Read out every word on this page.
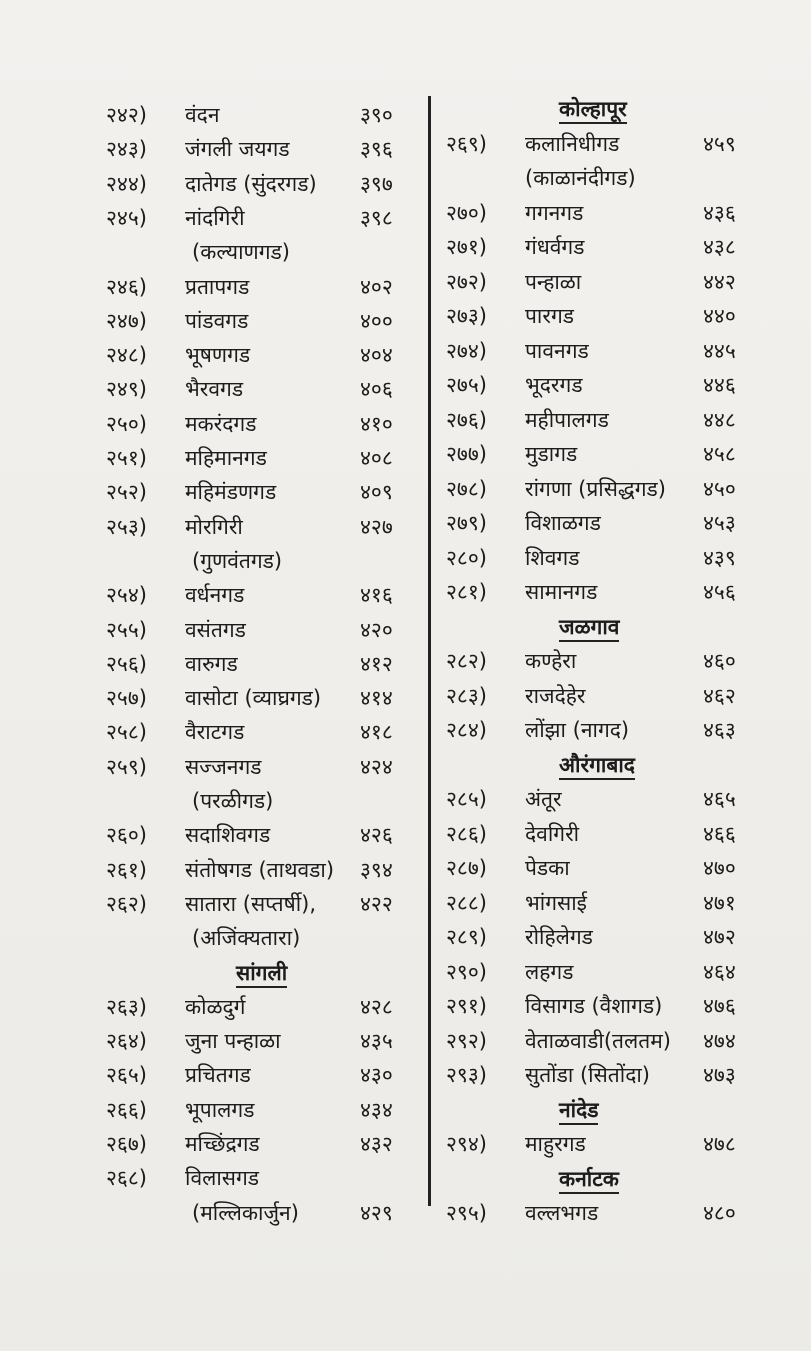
२४२) वंदन	३९०
२४३) जंगली जयगड	३९६
२४४) दातेगड (सुंदरगड) ३९७
२४५) नांदगिरी	३९८
(कल्याणगड)
२४६) प्रतापगड	४०२
२४७) पांडवगड	४००
२४८) भूषणगड	४०४
२४९) भैरवगड	४०६
२५०) मकरंदगड	४१०
२५१) महिमानगड	४०८
२५२) महिमंडणगड	४०९
२५३) मोरगिरी	४२७
(गुणवंतगड)
२५४) वर्धनगड	४१६
२५५) वसंतगड	४२०
२५६) वारुगड	४१२
२५७) वासोटा (व्याघ्रगड) ४१४
२५८) वैराटगड	४१८
२५९) सज्जनगड	४२४
(परळीगड)
२६०) सदाशिवगड	४२६
२६१) संतोषगड (ताथवडा) ३९४
२६२) सातारा (सप्तर्षी), ४२२
(अजिंक्यतारा)
सांगली
२६३) कोळदुर्ग	४२८
२६४) जुना पन्हाळा	४३५
२६५) प्रचितगड	४३०
२६६) भूपालगड	४३४
२६७) मच्छिंद्रगड	४३२
२६८) विलासगड
(मल्लिकार्जुन)	४२९
कोल्हापूर
२६९) कलानिधीगड	४५९
(काळानंदीगड)
२७०) गगनगड	४३६
२७१) गंधर्वगड	४३८
२७२) पन्हाळा	४४२
२७३) पारगड	४४०
२७४) पावनगड	४४५
२७५) भूदरगड	४४६
२७६) महीपालगड	४४८
२७७) मुडागड	४५८
२७८) रांगणा (प्रसिद्धगड) ४५०
२७९) विशाळगड	४५३
२८०) शिवगड	४३९
२८१) सामानगड	४५६
जळगाव
२८२) कण्हेरा	४६०
२८३) राजदेहेर	४६२
२८४) लोंझा (नागद)	४६३
औरंगाबाद
२८५) अंतूर	४६५
२८६) देवगिरी	४६६
२८७) पेडका	४७०
२८८) भांगसाई	४७१
२८९) रोहिलेगड	४७२
२९०) लहगड	४६४
२९१) विसागड (वैशागड) ४७६
२९२) वेताळवाडी(तलतम) ४७४
२९३) सुतोंडा (सितोंदा)	४७३
नांदेड
२९४) माहुरगड	४७८
कर्नाटक
२९५) वल्लभगड	४८०
